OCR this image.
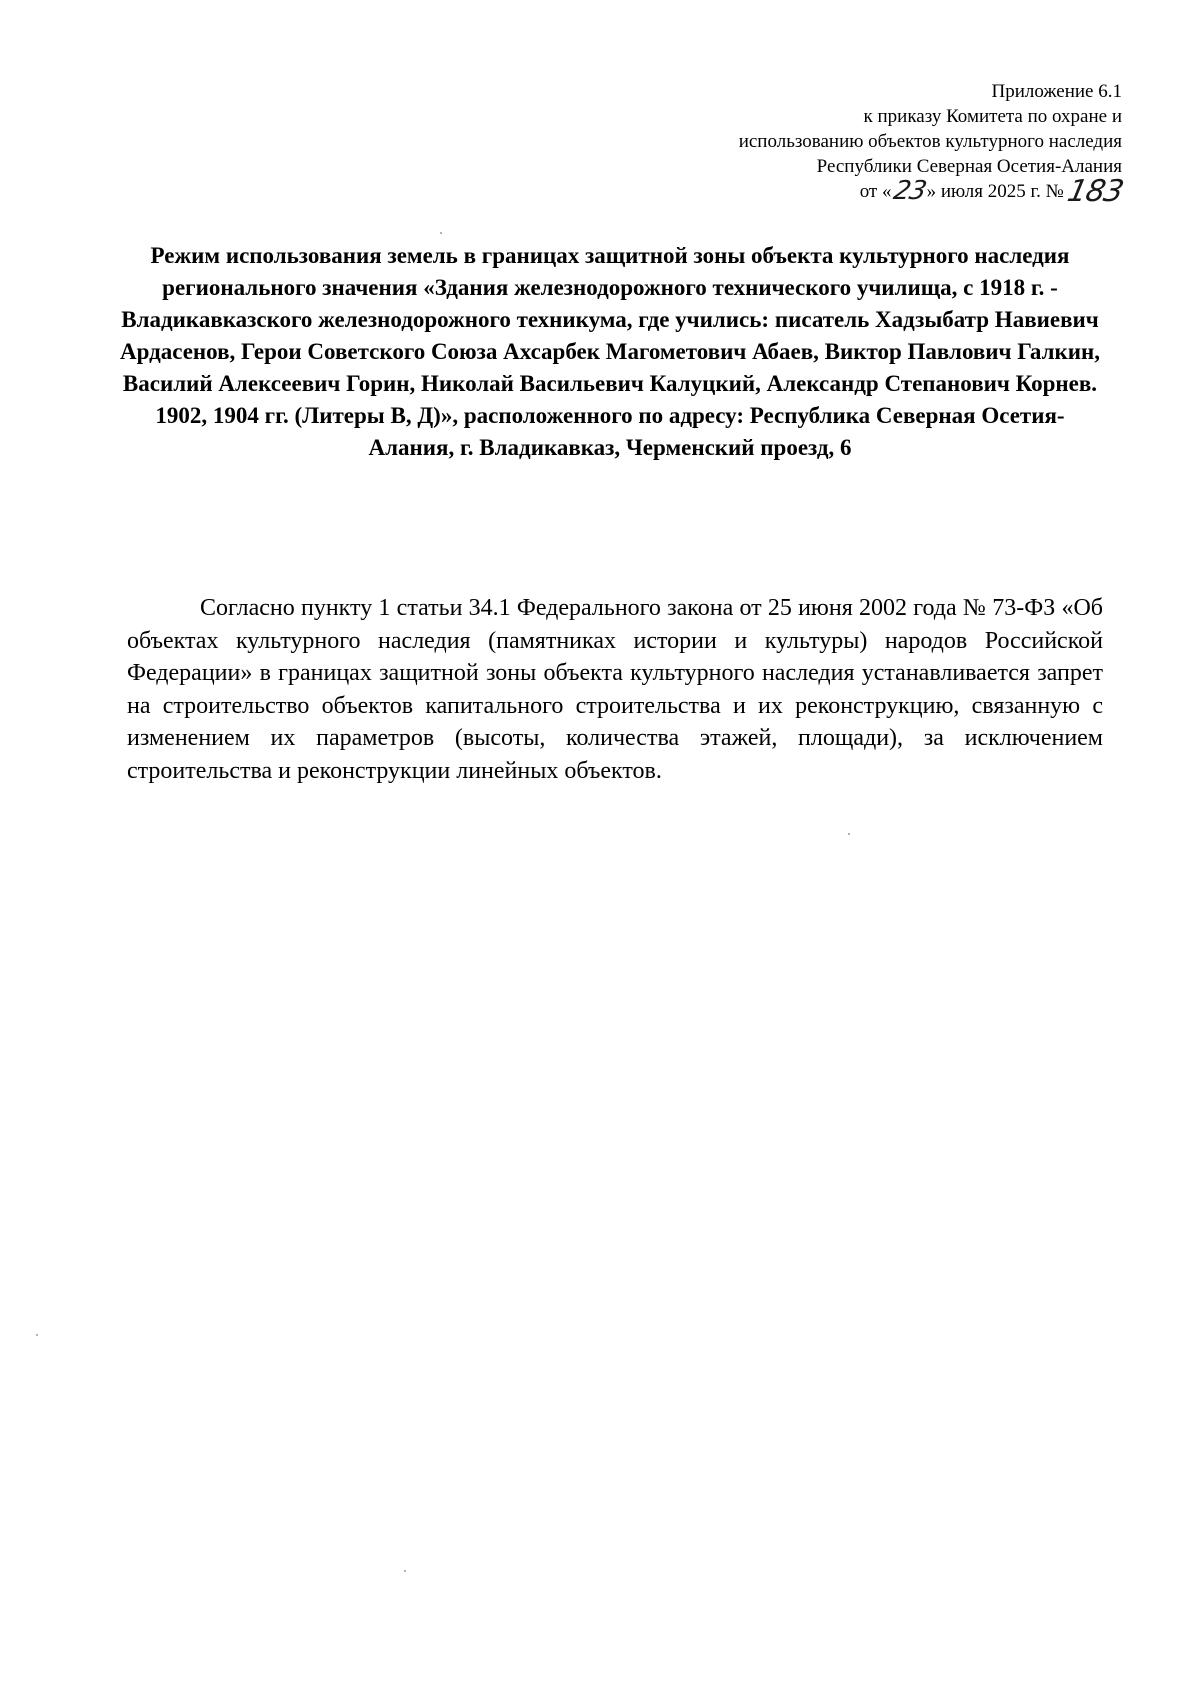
Приложение 6.1
к приказу Комитета по охране и
использованию объектов культурного наследия
Республики Северная Осетия-Алания
от «23» июля 2025 г. №183
Режим использования земель в границах защитной зоны объекта культурного наследия регионального значения «Здания железнодорожного технического училища, с 1918 г. - Владикавказского железнодорожного техникума, где учились: писатель Хадзыбатр Навиевич Ардасенов, Герои Советского Союза Ахсарбек Магометович Абаев, Виктор Павлович Галкин, Василий Алексеевич Горин, Николай Васильевич Калуцкий, Александр Степанович Корнев. 1902, 1904 гг. (Литеры В, Д)», расположенного по адресу: Республика Северная Осетия-Алания, г. Владикавказ, Черменский проезд, 6

Согласно пункту 1 статьи 34.1 Федерального закона от 25 июня 2002 года № 73-ФЗ «Об объектах культурного наследия (памятниках истории и культуры) народов Российской Федерации» в границах защитной зоны объекта культурного наследия устанавливается запрет на строительство объектов капитального строительства и их реконструкцию, связанную с изменением их параметров (высоты, количества этажей, площади), за исключением строительства и реконструкции линейных объектов.
